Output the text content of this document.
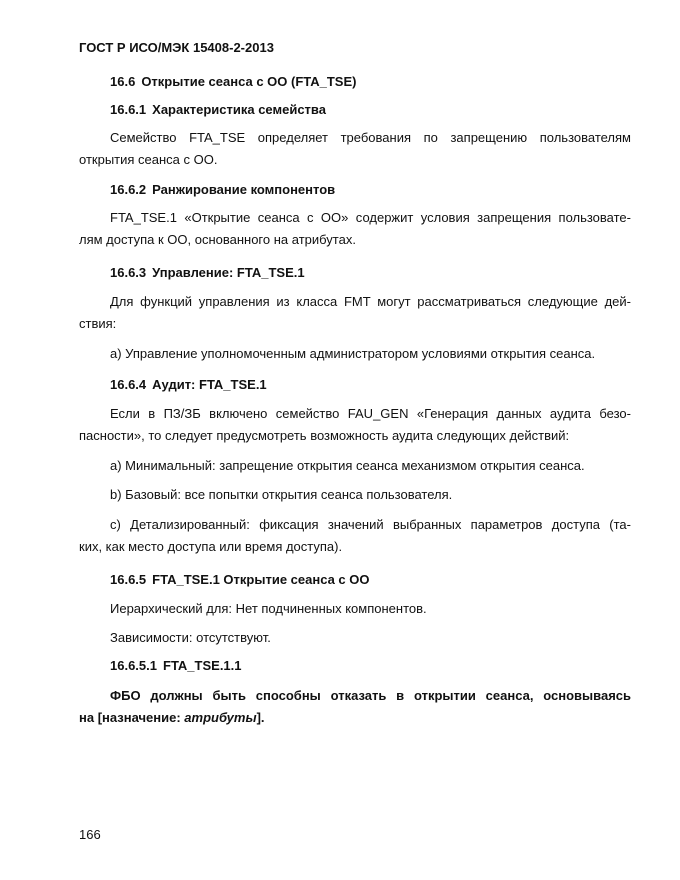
ГОСТ Р ИСО/МЭК 15408-2-2013

16.6 Открытие сеанса с ОО (FTA_TSE)

16.6.1 Характеристика семейства

Семейство FTA_TSE определяет требования по запрещению пользователям

открытия сеанса с ОО.

16.6.2 Ранжирование компонентов

FTA_TSE.1 «Открытие сеанса с ОО» содержит условия запрещения пользовате-

лям доступа к ОО, основанного на атрибутах.

16.6.3 Управление: FTA_TSE.1

Для функций управления из класса FMT могут рассматриваться следующие дей-

ствия:

а) Управление уполномоченным администратором условиями открытия сеанса.

16.6.4 Аудит: FTA_TSE.1

Если в ПЗ/ЗБ включено семейство FAU_GEN «Генерация данных аудита безо-

пасности», то следует предусмотреть возможность аудита следующих действий:

а) Минимальный: запрещение открытия сеанса механизмом открытия сеанса.

b) Базовый: все попытки открытия сеанса пользователя.

с) Детализированный: фиксация значений выбранных параметров доступа (та-

ких, как место доступа или время доступа).

16.6.5 FTA_TSE.1 Открытие сеанса с ОО

Иерархический для: Нет подчиненных компонентов.

Зависимости: отсутствуют.

16.6.5.1 FTA_TSE.1.1

ФБО должны быть способны отказать в открытии сеанса, основываясь

на [назначение: атрибуты].

166
